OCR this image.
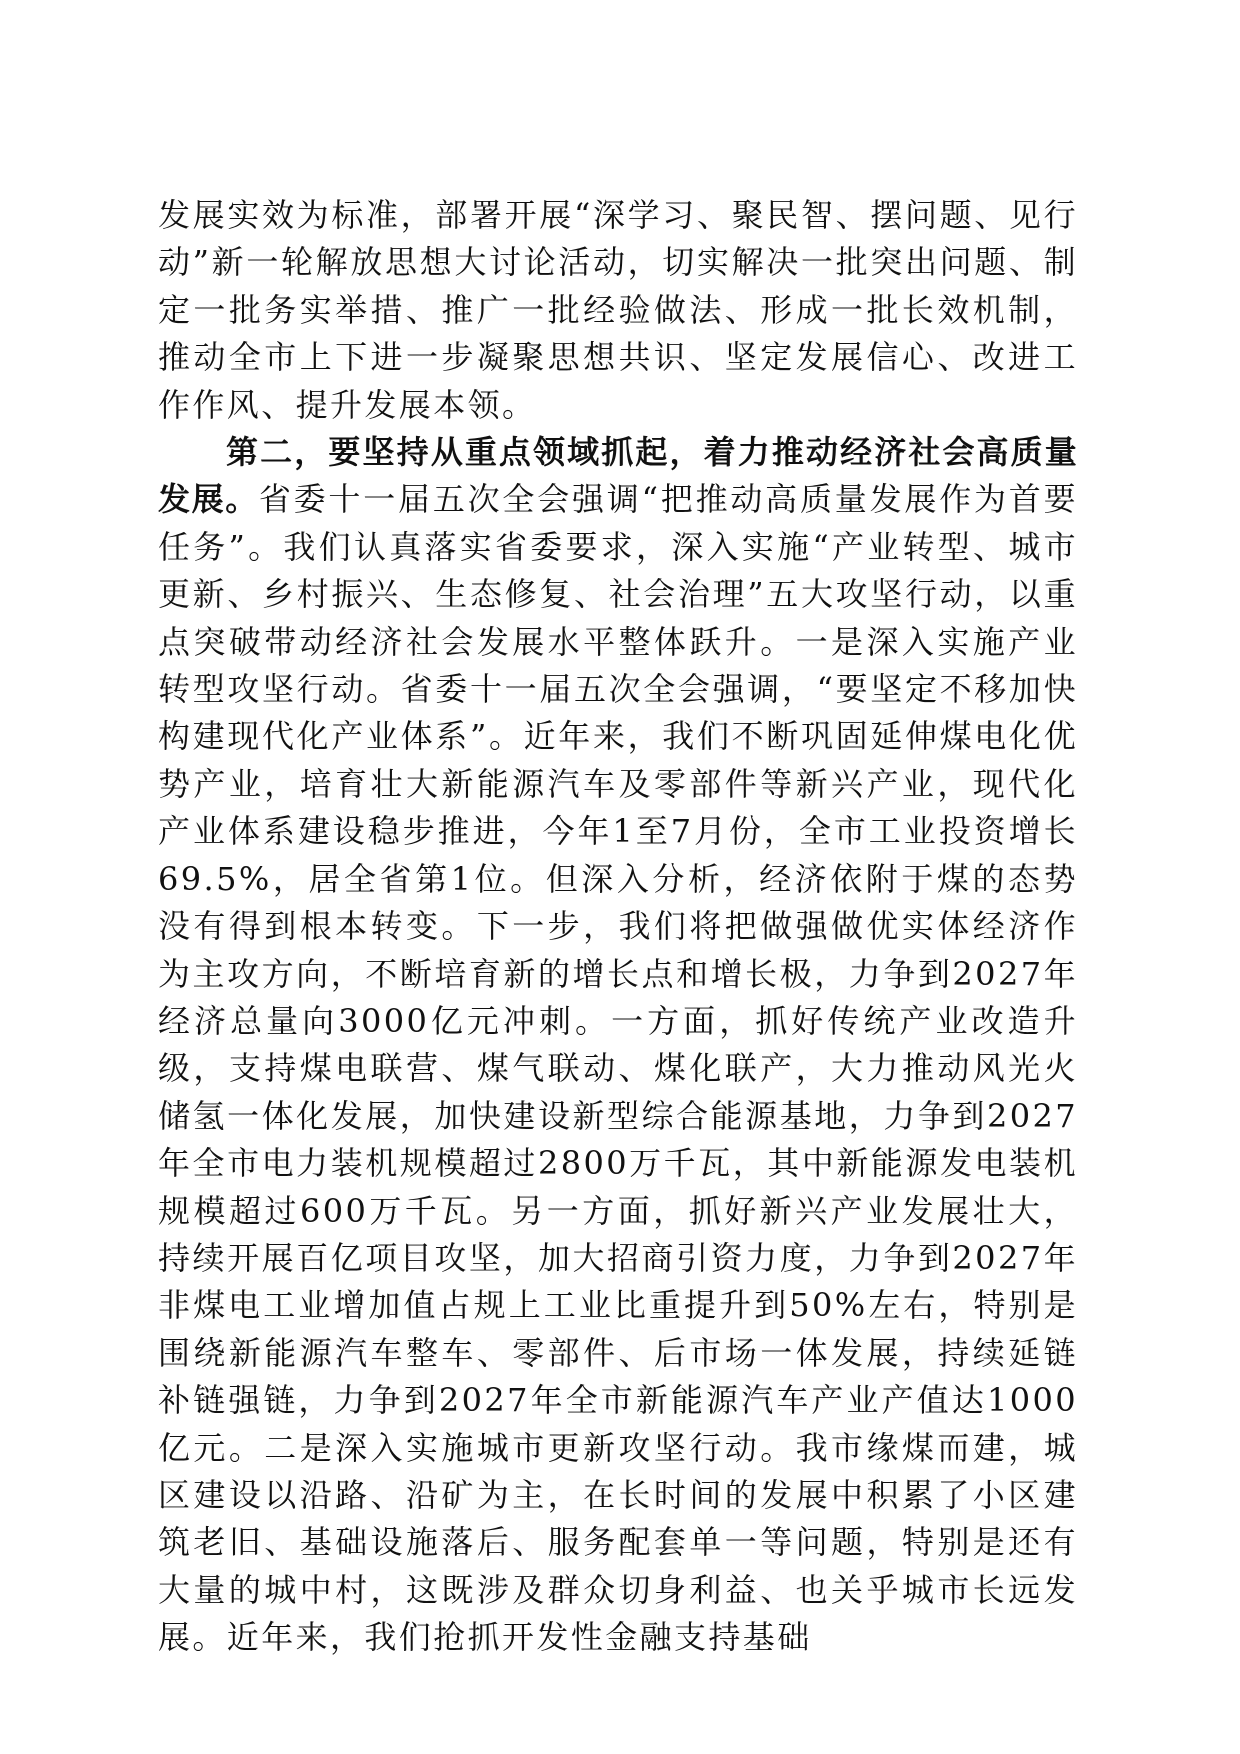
发展实效为标准，部署开展“深学习、聚民智、摆问题、见行动”新一轮解放思想大讨论活动，切实解决一批突出问题、制定一批务实举措、推广一批经验做法、形成一批长效机制，推动全市上下进一步凝聚思想共识、坚定发展信心、改进工作作风、提升发展本领。

第二，要坚持从重点领域抓起，着力推动经济社会高质量发展。省委十一届五次全会强调“把推动高质量发展作为首要任务”。我们认真落实省委要求，深入实施“产业转型、城市更新、乡村振兴、生态修复、社会治理”五大攻坚行动，以重点突破带动经济社会发展水平整体跃升。一是深入实施产业转型攻坚行动。省委十一届五次全会强调，“要坚定不移加快构建现代化产业体系”。近年来，我们不断巩固延伸煤电化优势产业，培育壮大新能源汽车及零部件等新兴产业，现代化产业体系建设稳步推进，今年1至7月份，全市工业投资增长69.5%，居全省第1位。但深入分析，经济依附于煤的态势没有得到根本转变。下一步，我们将把做强做优实体经济作为主攻方向，不断培育新的增长点和增长极，力争到2027年经济总量向3000亿元冲刺。一方面，抓好传统产业改造升级，支持煤电联营、煤气联动、煤化联产，大力推动风光火储氢一体化发展，加快建设新型综合能源基地，力争到2027年全市电力装机规模超过2800万千瓦，其中新能源发电装机规模超过600万千瓦。另一方面，抓好新兴产业发展壮大，持续开展百亿项目攻坚，加大招商引资力度，力争到2027年非煤电工业增加值占规上工业比重提升到50%左右，特别是围绕新能源汽车整车、零部件、后市场一体发展，持续延链补链强链，力争到2027年全市新能源汽车产业产值达1000亿元。二是深入实施城市更新攻坚行动。我市缘煤而建，城区建设以沿路、沿矿为主，在长时间的发展中积累了小区建筑老旧、基础设施落后、服务配套单一等问题，特别是还有大量的城中村，这既涉及群众切身利益、也关乎城市长远发展。近年来，我们抢抓开发性金融支持基础
